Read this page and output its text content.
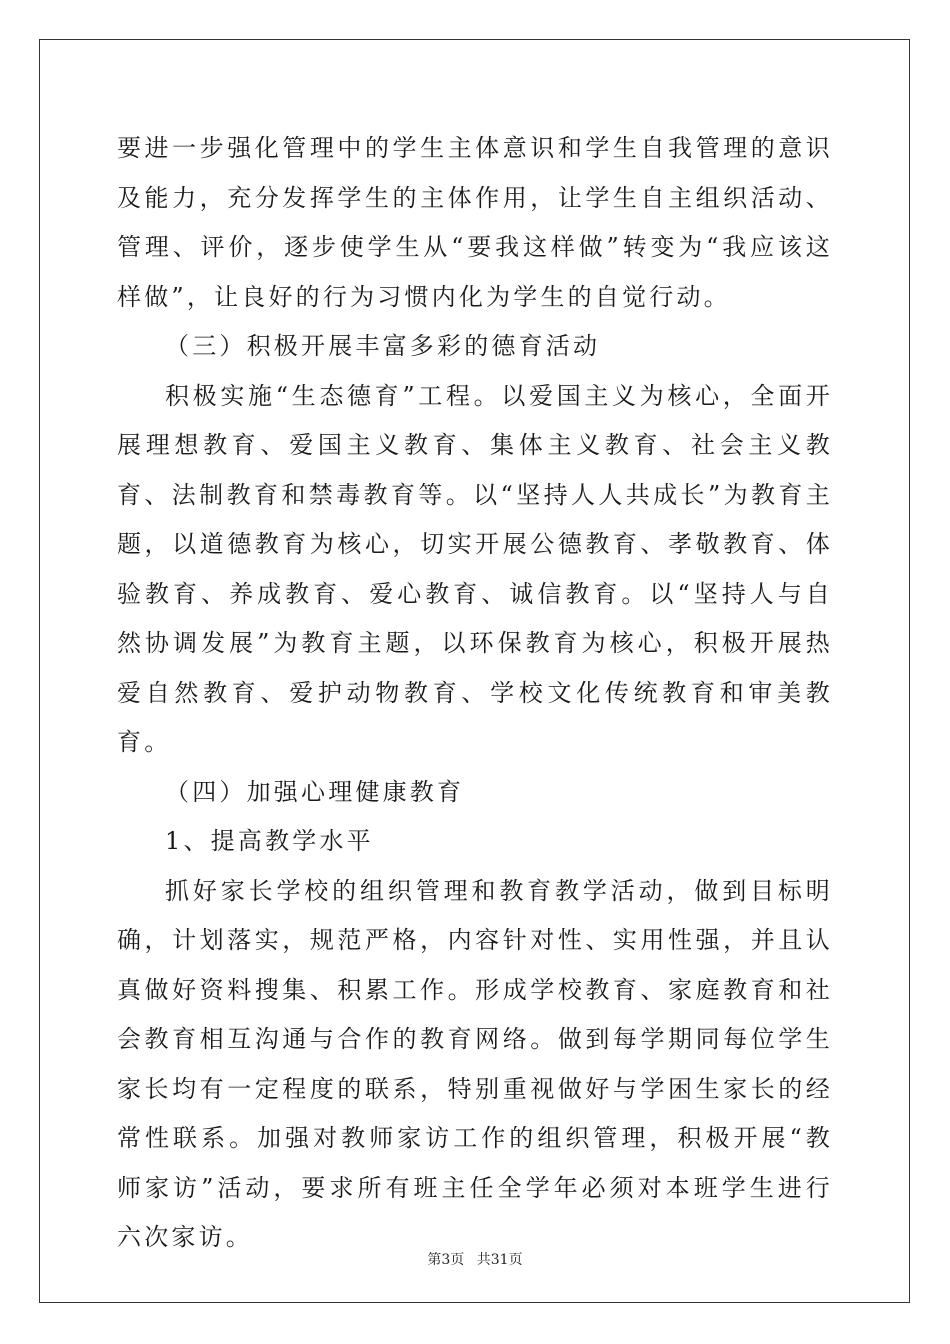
要进一步强化管理中的学生主体意识和学生自我管理的意识及能力，充分发挥学生的主体作用，让学生自主组织活动、管理、评价，逐步使学生从“要我这样做”转变为“我应该这样做”，让良好的行为习惯内化为学生的自觉行动。

（三）积极开展丰富多彩的德育活动

积极实施“生态德育”工程。以爱国主义为核心，全面开展理想教育、爱国主义教育、集体主义教育、社会主义教育、法制教育和禁毒教育等。以“坚持人人共成长”为教育主题，以道德教育为核心，切实开展公德教育、孝敬教育、体验教育、养成教育、爱心教育、诚信教育。以“坚持人与自然协调发展”为教育主题，以环保教育为核心，积极开展热爱自然教育、爱护动物教育、学校文化传统教育和审美教育。

（四）加强心理健康教育

1、提高教学水平

抓好家长学校的组织管理和教育教学活动，做到目标明确，计划落实，规范严格，内容针对性、实用性强，并且认真做好资料搜集、积累工作。形成学校教育、家庭教育和社会教育相互沟通与合作的教育网络。做到每学期同每位学生家长均有一定程度的联系，特别重视做好与学困生家长的经常性联系。加强对教师家访工作的组织管理，积极开展“教师家访”活动，要求所有班主任全学年必须对本班学生进行六次家访。

第3页 共31页
